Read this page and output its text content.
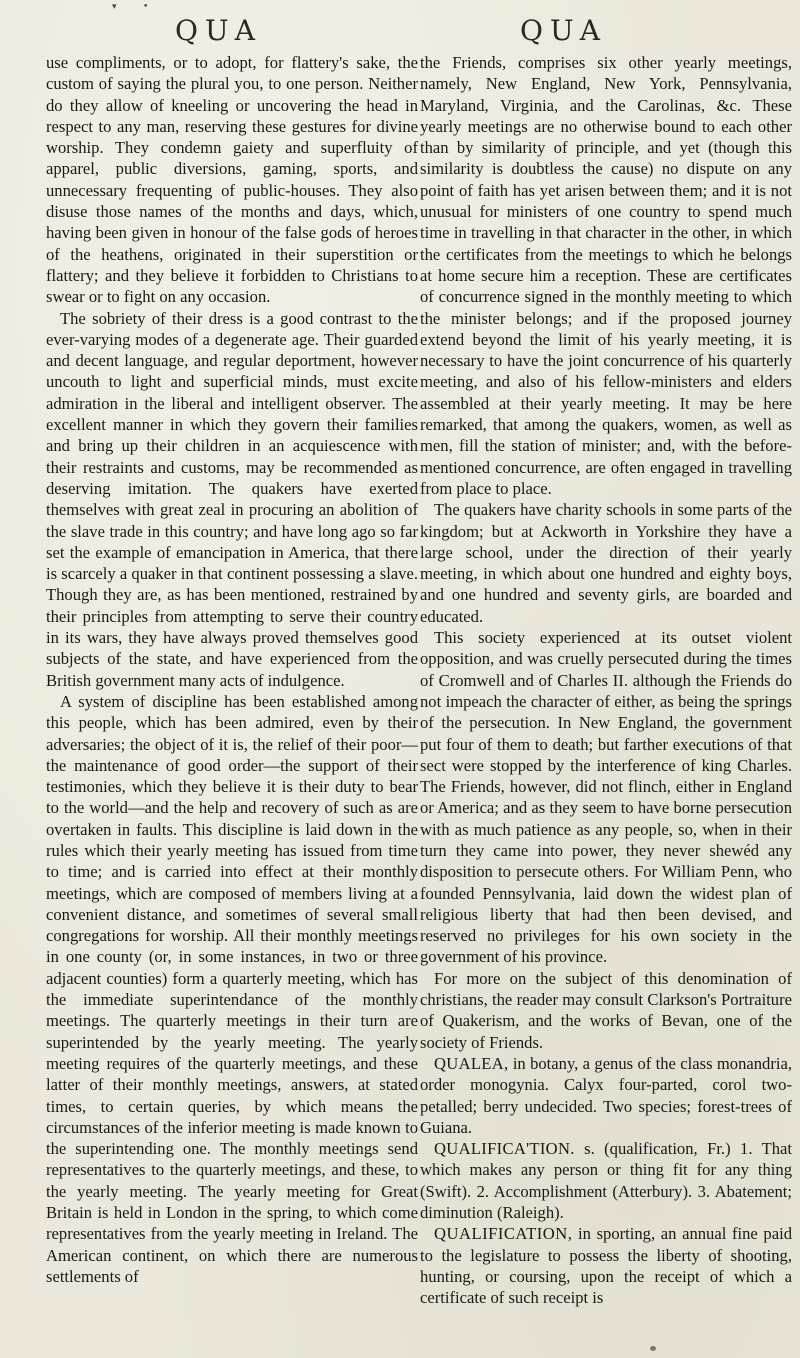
▾	•
QUA	QUA

use compliments, or to adopt, for flattery's sake, the custom of saying the plural you, to one person. Neither do they allow of kneeling or uncovering the head in respect to any man, reserving these gestures for divine worship. They condemn gaiety and superfluity of apparel, public diversions, gaming, sports, and unnecessary frequenting of public-houses. They also disuse those names of the months and days, which, having been given in honour of the false gods of heroes of the heathens, originated in their superstition or flattery; and they believe it forbidden to Christians to swear or to fight on any occasion.

The sobriety of their dress is a good contrast to the ever-varying modes of a degenerate age. Their guarded and decent language, and regular deportment, however uncouth to light and superficial minds, must excite admiration in the liberal and intelligent observer. The excellent manner in which they govern their families and bring up their children in an acquiescence with their restraints and customs, may be recommended as deserving imitation. The quakers have exerted themselves with great zeal in procuring an abolition of the slave trade in this country; and have long ago so far set the example of emancipation in America, that there is scarcely a quaker in that continent possessing a slave. Though they are, as has been mentioned, restrained by their principles from attempting to serve their country in its wars, they have always proved themselves good subjects of the state, and have experienced from the British government many acts of indulgence.

A system of discipline has been established among this people, which has been admired, even by their adversaries; the object of it is, the relief of their poor—the maintenance of good order—the support of their testimonies, which they believe it is their duty to bear to the world—and the help and recovery of such as are overtaken in faults. This discipline is laid down in the rules which their yearly meeting has issued from time to time; and is carried into effect at their monthly meetings, which are composed of members living at a convenient distance, and sometimes of several small congregations for worship. All their monthly meetings in one county (or, in some instances, in two or three adjacent counties) form a quarterly meeting, which has the immediate superintendance of the monthly meetings. The quarterly meetings in their turn are superintended by the yearly meeting. The yearly meeting requires of the quarterly meetings, and these latter of their monthly meetings, answers, at stated times, to certain queries, by which means the circumstances of the inferior meeting is made known to the superintending one. The monthly meetings send representatives to the quarterly meetings, and these, to the yearly meeting. The yearly meeting for Great Britain is held in London in the spring, to which come representatives from the yearly meeting in Ireland. The American continent, on which there are numerous settlements of

the Friends, comprises six other yearly meetings, namely, New England, New York, Pennsylvania, Maryland, Virginia, and the Carolinas, &c. These yearly meetings are no otherwise bound to each other than by similarity of principle, and yet (though this similarity is doubtless the cause) no dispute on any point of faith has yet arisen between them; and it is not unusual for ministers of one country to spend much time in travelling in that character in the other, in which the certificates from the meetings to which he belongs at home secure him a reception. These are certificates of concurrence signed in the monthly meeting to which the minister belongs; and if the proposed journey extend beyond the limit of his yearly meeting, it is necessary to have the joint concurrence of his quarterly meeting, and also of his fellow-ministers and elders assembled at their yearly meeting. It may be here remarked, that among the quakers, women, as well as men, fill the station of minister; and, with the before-mentioned concurrence, are often engaged in travelling from place to place.

The quakers have charity schools in some parts of the kingdom; but at Ackworth in Yorkshire they have a large school, under the direction of their yearly meeting, in which about one hundred and eighty boys, and one hundred and seventy girls, are boarded and educated.

This society experienced at its outset violent opposition, and was cruelly persecuted during the times of Cromwell and of Charles II. although the Friends do not impeach the character of either, as being the springs of the persecution. In New England, the government put four of them to death; but farther executions of that sect were stopped by the interference of king Charles. The Friends, however, did not flinch, either in England or America; and as they seem to have borne persecution with as much patience as any people, so, when in their turn they came into power, they never shewéd any disposition to persecute others. For William Penn, who founded Pennsylvania, laid down the widest plan of religious liberty that had then been devised, and reserved no privileges for his own society in the government of his province.

For more on the subject of this denomination of christians, the reader may consult Clarkson's Portraiture of Quakerism, and the works of Bevan, one of the society of Friends.

QUALEA, in botany, a genus of the class monandria, order monogynia. Calyx four-parted, corol two-petalled; berry undecided. Two species; forest-trees of Guiana.

QUALIFICA'TION. s. (qualification, Fr.) 1. That which makes any person or thing fit for any thing (Swift). 2. Accomplishment (Atterbury). 3. Abatement; diminution (Raleigh).

QUALIFICATION, in sporting, an annual fine paid to the legislature to possess the liberty of shooting, hunting, or coursing, upon the receipt of which a certificate of such receipt is
